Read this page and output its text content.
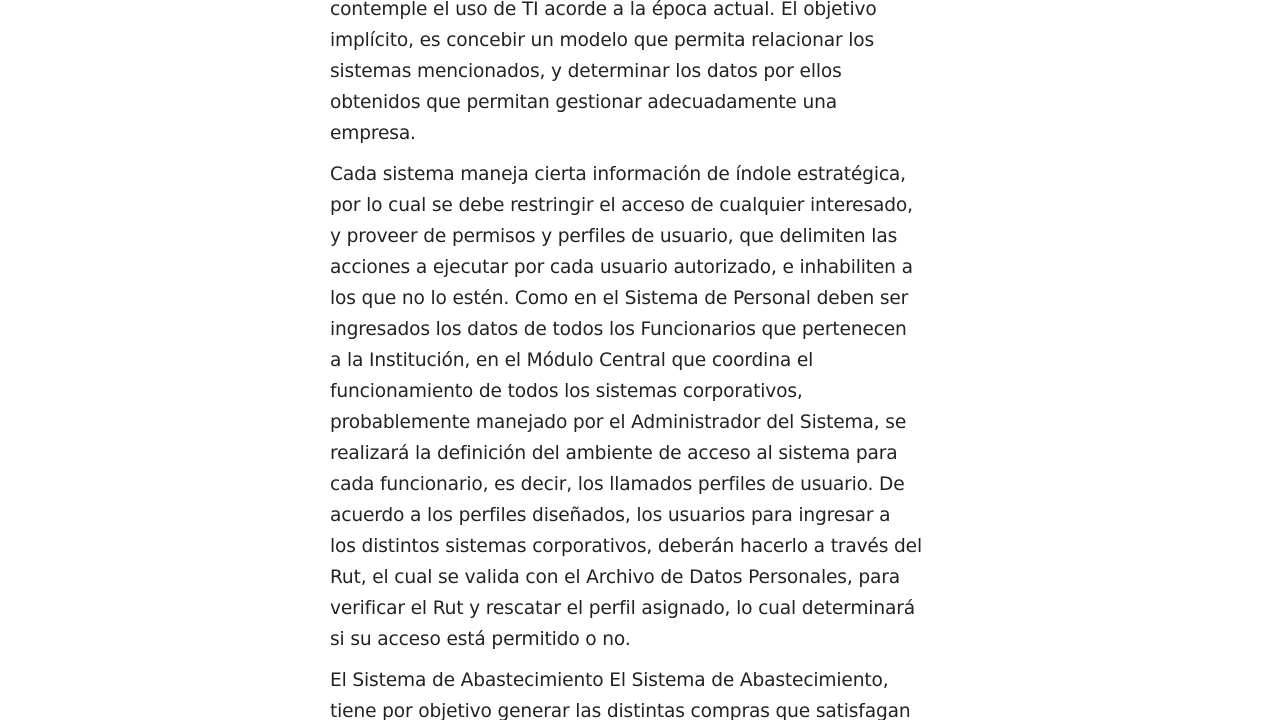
contemple el uso de TI acorde a la época actual. El objetivo
implícito, es concebir un modelo que permita relacionar los
sistemas mencionados, y determinar los datos por ellos
obtenidos que permitan gestionar adecuadamente una
empresa.
Cada sistema maneja cierta información de índole estratégica,
por lo cual se debe restringir el acceso de cualquier interesado,
y proveer de permisos y perfiles de usuario, que delimiten las
acciones a ejecutar por cada usuario autorizado, e inhabiliten a
los que no lo estén. Como en el Sistema de Personal deben ser
ingresados los datos de todos los Funcionarios que pertenecen
a la Institución, en el Módulo Central que coordina el
funcionamiento de todos los sistemas corporativos,
probablemente manejado por el Administrador del Sistema, se
realizará la definición del ambiente de acceso al sistema para
cada funcionario, es decir, los llamados perfiles de usuario. De
acuerdo a los perfiles diseñados, los usuarios para ingresar a
los distintos sistemas corporativos, deberán hacerlo a través del
Rut, el cual se valida con el Archivo de Datos Personales, para
verificar el Rut y rescatar el perfil asignado, lo cual determinará
si su acceso está permitido o no.
El Sistema de Abastecimiento El Sistema de Abastecimiento,
tiene por objetivo generar las distintas compras que satisfagan
